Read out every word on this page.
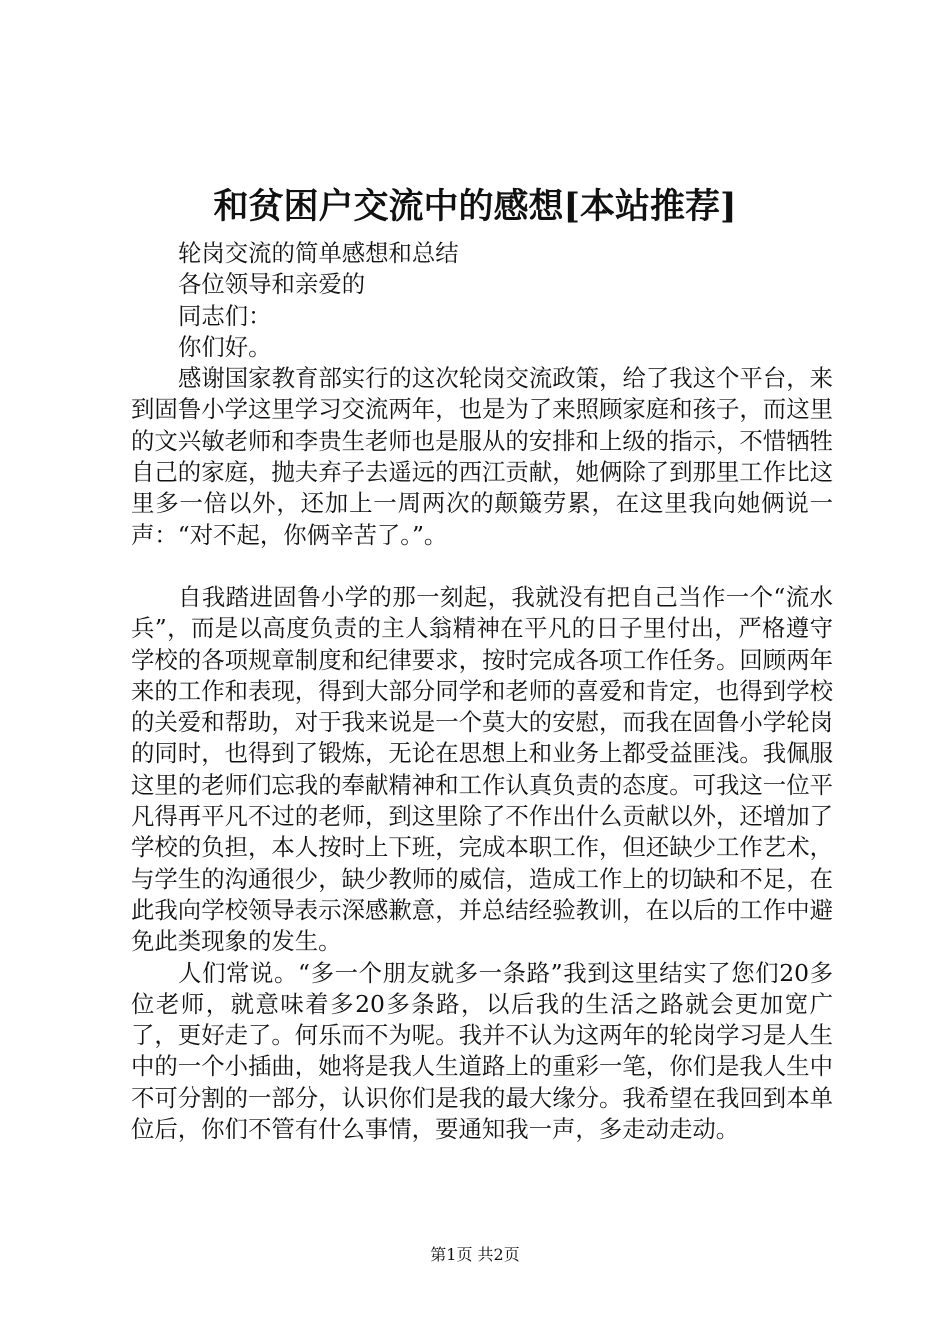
和贫困户交流中的感想[本站推荐]
轮岗交流的简单感想和总结
各位领导和亲爱的
同志们：
你们好。

感谢国家教育部实行的这次轮岗交流政策，给了我这个平台，来到固鲁小学这里学习交流两年，也是为了来照顾家庭和孩子，而这里的文兴敏老师和李贵生老师也是服从的安排和上级的指示，不惜牺牲自己的家庭，抛夫弃子去遥远的西江贡献，她俩除了到那里工作比这里多一倍以外，还加上一周两次的颠簸劳累，在这里我向她俩说一声：“对不起，你俩辛苦了。”。

自我踏进固鲁小学的那一刻起，我就没有把自己当作一个“流水兵”，而是以高度负责的主人翁精神在平凡的日子里付出，严格遵守学校的各项规章制度和纪律要求，按时完成各项工作任务。回顾两年来的工作和表现，得到大部分同学和老师的喜爱和肯定，也得到学校的关爱和帮助，对于我来说是一个莫大的安慰，而我在固鲁小学轮岗的同时，也得到了锻炼，无论在思想上和业务上都受益匪浅。我佩服这里的老师们忘我的奉献精神和工作认真负责的态度。可我这一位平凡得再平凡不过的老师，到这里除了不作出什么贡献以外，还增加了学校的负担，本人按时上下班，完成本职工作，但还缺少工作艺术，与学生的沟通很少，缺少教师的威信，造成工作上的切缺和不足，在此我向学校领导表示深感歉意，并总结经验教训，在以后的工作中避免此类现象的发生。

人们常说。“多一个朋友就多一条路”我到这里结实了您们20多位老师，就意味着多20多条路，以后我的生活之路就会更加宽广了，更好走了。何乐而不为呢。我并不认为这两年的轮岗学习是人生中的一个小插曲，她将是我人生道路上的重彩一笔，你们是我人生中不可分割的一部分，认识你们是我的最大缘分。我希望在我回到本单位后，你们不管有什么事情，要通知我一声，多走动走动。

第1页 共2页
